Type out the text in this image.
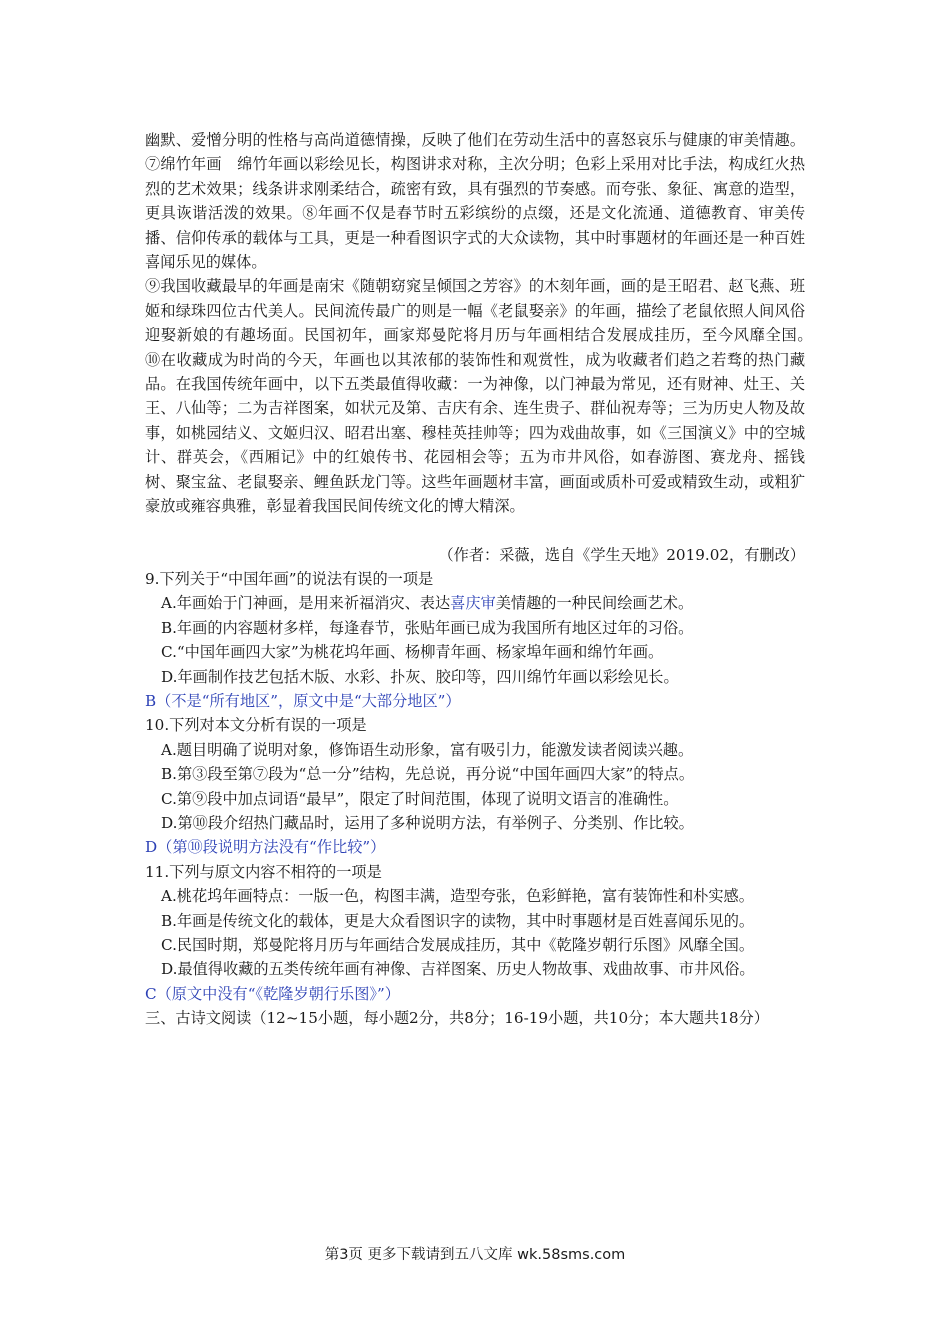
幽默、爱憎分明的性格与高尚道德情操，反映了他们在劳动生活中的喜怒哀乐与健康的审美情趣。⑦绵竹年画　绵竹年画以彩绘见长，构图讲求对称，主次分明；色彩上采用对比手法，构成红火热烈的艺术效果；线条讲求刚柔结合，疏密有致，具有强烈的节奏感。而夸张、象征、寓意的造型，更具诙谐活泼的效果。⑧年画不仅是春节时五彩缤纷的点缀，还是文化流通、道德教育、审美传播、信仰传承的载体与工具，更是一种看图识字式的大众读物，其中时事题材的年画还是一种百姓喜闻乐见的媒体。

⑨我国收藏最早的年画是南宋《随朝窈窕呈倾国之芳容》的木刻年画，画的是王昭君、赵飞燕、班姬和绿珠四位古代美人。民间流传最广的则是一幅《老鼠娶亲》的年画，描绘了老鼠依照人间风俗迎娶新娘的有趣场面。民国初年，画家郑曼陀将月历与年画相结合发展成挂历，至今风靡全国。　　⑩在收藏成为时尚的今天，年画也以其浓郁的装饰性和观赏性，成为收藏者们趋之若骛的热门藏品。在我国传统年画中，以下五类最值得收藏：一为神像，以门神最为常见，还有财神、灶王、关王、八仙等；二为吉祥图案，如状元及第、吉庆有余、连生贵子、群仙祝寿等；三为历史人物及故事，如桃园结义、文姬归汉、昭君出塞、穆桂英挂帅等；四为戏曲故事，如《三国演义》中的空城计、群英会，《西厢记》中的红娘传书、花园相会等；五为市井风俗，如春游图、赛龙舟、摇钱树、聚宝盆、老鼠娶亲、鲤鱼跃龙门等。这些年画题材丰富，画面或质朴可爱或精致生动，或粗犷豪放或雍容典雅，彰显着我国民间传统文化的博大精深。

（作者：采薇，选自《学生天地》2019.02，有删改）

9.下列关于“中国年画”的说法有误的一项是

A.年画始于门神画，是用来祈福消灾、表达喜庆审美情趣的一种民间绘画艺术。

B.年画的内容题材多样，每逢春节，张贴年画已成为我国所有地区过年的习俗。

C.“中国年画四大家”为桃花坞年画、杨柳青年画、杨家埠年画和绵竹年画。

D.年画制作技艺包括木版、水彩、扑灰、胶印等，四川绵竹年画以彩绘见长。

B（不是“所有地区”，原文中是“大部分地区”）

10.下列对本文分析有误的一项是

A.题目明确了说明对象，修饰语生动形象，富有吸引力，能激发读者阅读兴趣。

B.第③段至第⑦段为“总一分”结构，先总说，再分说“中国年画四大家”的特点。

C.第⑨段中加点词语“最早”，限定了时间范围，体现了说明文语言的准确性。

D.第⑩段介绍热门藏品时，运用了多种说明方法，有举例子、分类别、作比较。

D（第⑩段说明方法没有“作比较”）

11.下列与原文内容不相符的一项是

A.桃花坞年画特点：一版一色，构图丰满，造型夸张，色彩鲜艳，富有装饰性和朴实感。

B.年画是传统文化的载体，更是大众看图识字的读物，其中时事题材是百姓喜闻乐见的。

C.民国时期，郑曼陀将月历与年画结合发展成挂历，其中《乾隆岁朝行乐图》风靡全国。

D.最值得收藏的五类传统年画有神像、吉祥图案、历史人物故事、戏曲故事、市井风俗。

C（原文中没有“《乾隆岁朝行乐图》”）

三、古诗文阅读（12~15小题，每小题2分，共8分；16-19小题，共10分；本大题共18分）

第3页 更多下载请到五八文库 wk.58sms.com
